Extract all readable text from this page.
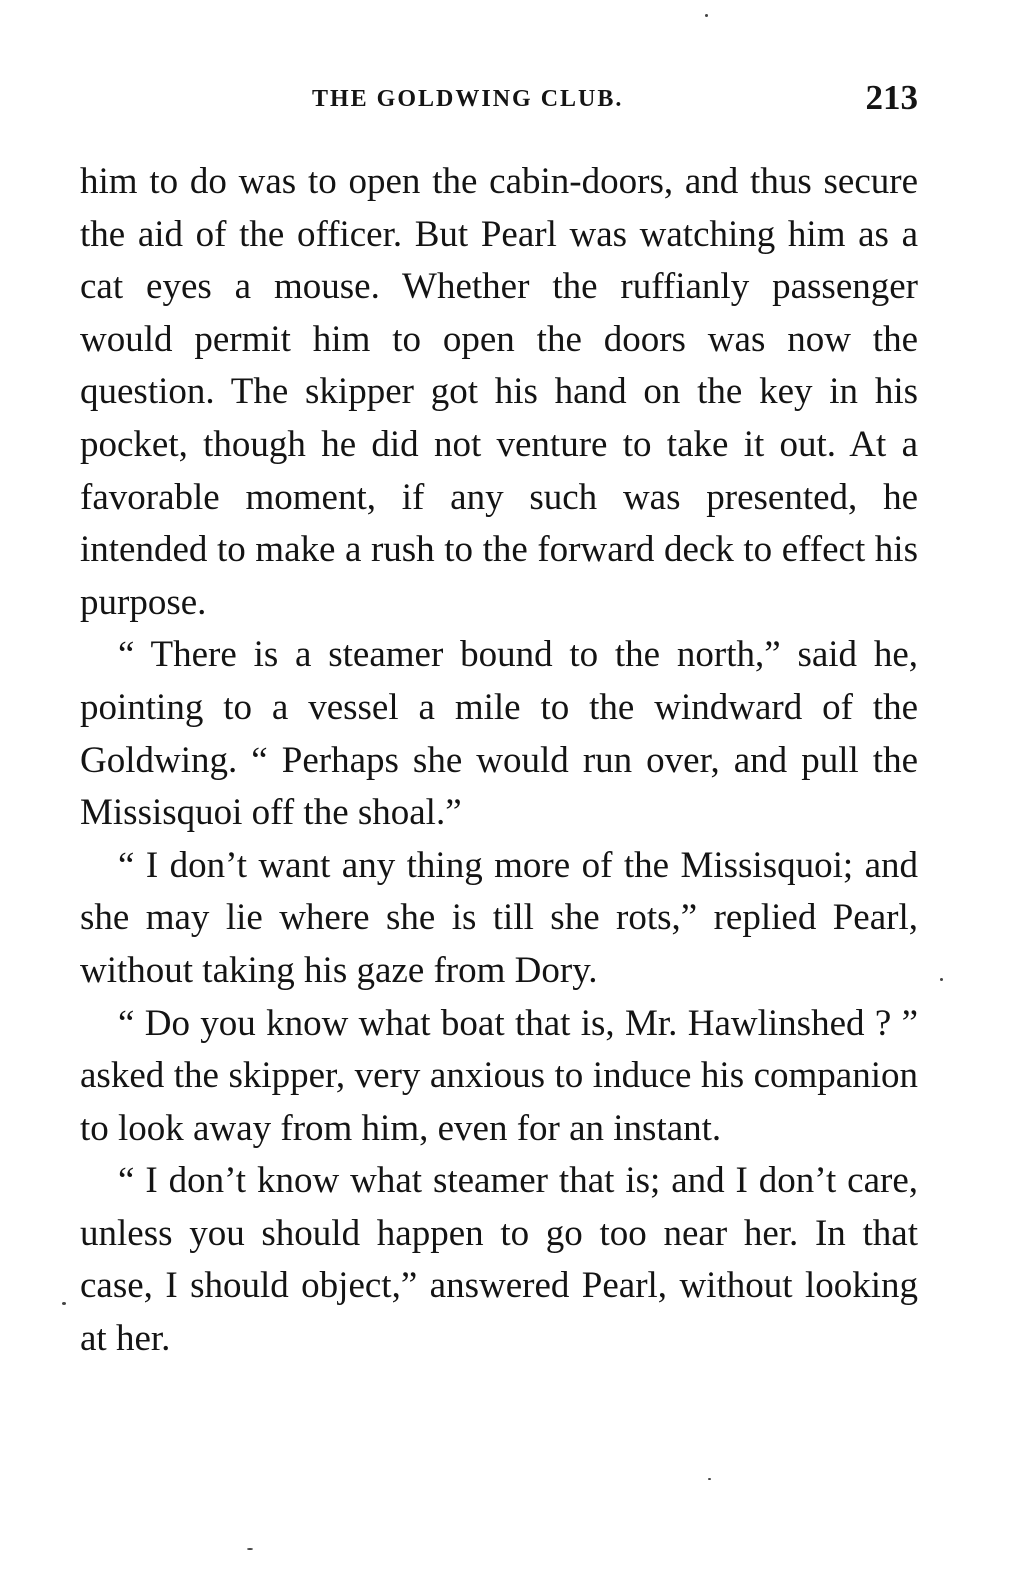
THE GOLDWING CLUB.	213

him to do was to open the cabin-doors, and thus secure the aid of the officer. But Pearl was watching him as a cat eyes a mouse. Whether the ruffianly passenger would permit him to open the doors was now the question. The skipper got his hand on the key in his pocket, though he did not venture to take it out. At a favorable moment, if any such was presented, he intended to make a rush to the forward deck to effect his purpose.

“ There is a steamer bound to the north,” said he, pointing to a vessel a mile to the windward of the Goldwing. “ Perhaps she would run over, and pull the Missisquoi off the shoal.”

“ I don’t want any thing more of the Missisquoi; and she may lie where she is till she rots,” replied Pearl, without taking his gaze from Dory.

“ Do you know what boat that is, Mr. Hawlinshed ? ” asked the skipper, very anxious to induce his companion to look away from him, even for an instant.

“ I don’t know what steamer that is; and I don’t care, unless you should happen to go too near her. In that case, I should object,” answered Pearl, without looking at her.
